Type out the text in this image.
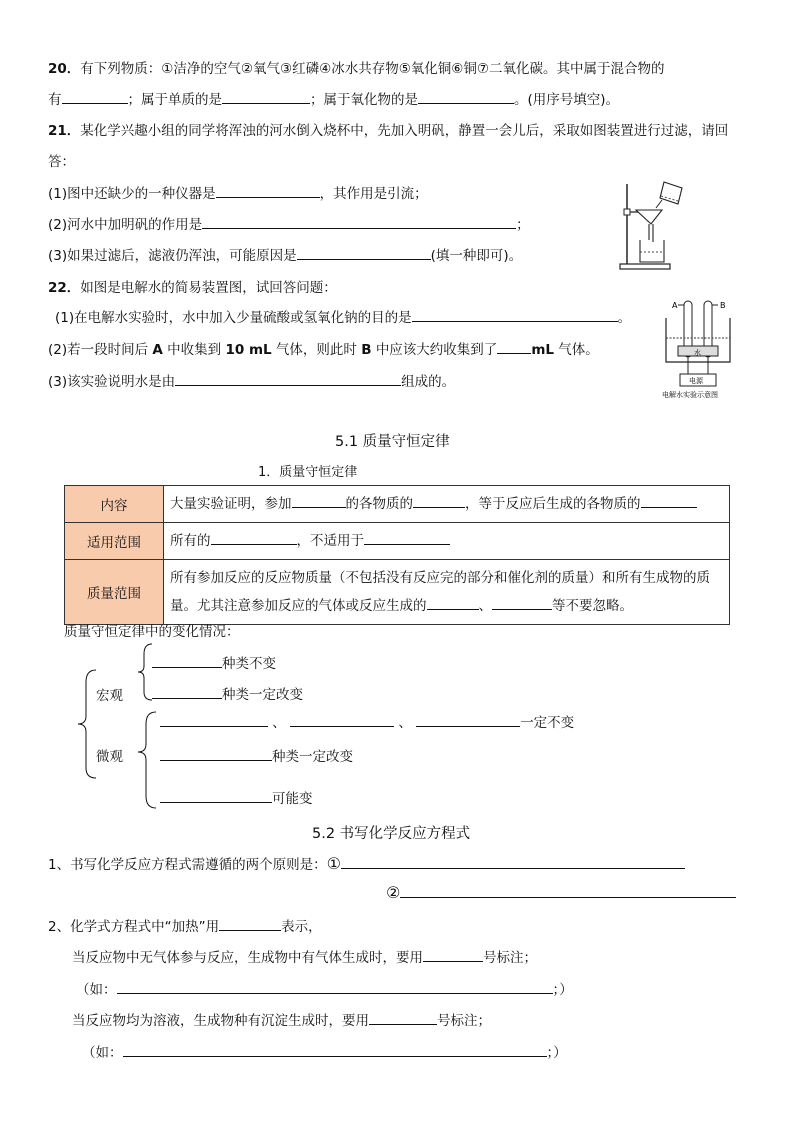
20．有下列物质：①洁净的空气②氧气③红磷④冰水共存物⑤氧化铜⑥铜⑦二氧化碳。其中属于混合物的
有	；属于单质的是	；属于氧化物的是	。(用序号填空)。
21．某化学兴趣小组的同学将浑浊的河水倒入烧杯中，先加入明矾，静置一会儿后，采取如图装置进行过滤，请回
答：
(1)图中还缺少的一种仪器是	，其作用是引流；
(2)河水中加明矾的作用是	；
(3)如果过滤后，滤液仍浑浊，可能原因是	(填一种即可)。
22．如图是电解水的简易装置图，试回答问题：
(1)在电解水实验时，水中加入少量硫酸或氢氧化钠的目的是	。
(2)若一段时间后 A 中收集到 10 mL 气体，则此时 B 中应该大约收集到了	mL 气体。
(3)该实验说明水是由	组成的。
A	B
水
电源
电解水实验示意图
5.1 质量守恒定律
1．质量守恒定律
内容	大量实验证明，参加 的各物质的 ，等于反应后生成的各物质的
适用范围	所有的 ，不适用于
质量范围	所有参加反应的反应物质量（不包括没有反应完的部分和催化剂的质量）和所有生成物的质
量。尤其注意参加反应的气体或反应生成的 、 等不要忽略。
质量守恒定律中的变化情况：
宏观
微观
种类不变
种类一定改变
、	、	一定不变
种类一定改变
可能变
5.2 书写化学反应方程式
1、书写化学反应方程式需遵循的两个原则是：①
②
2、化学式方程式中“加热”用	表示，
当反应物中无气体参与反应，生成物中有气体生成时，要用	号标注；
（如：	；）
当反应物均为溶液，生成物种有沉淀生成时，要用	号标注；
（如：	；）
